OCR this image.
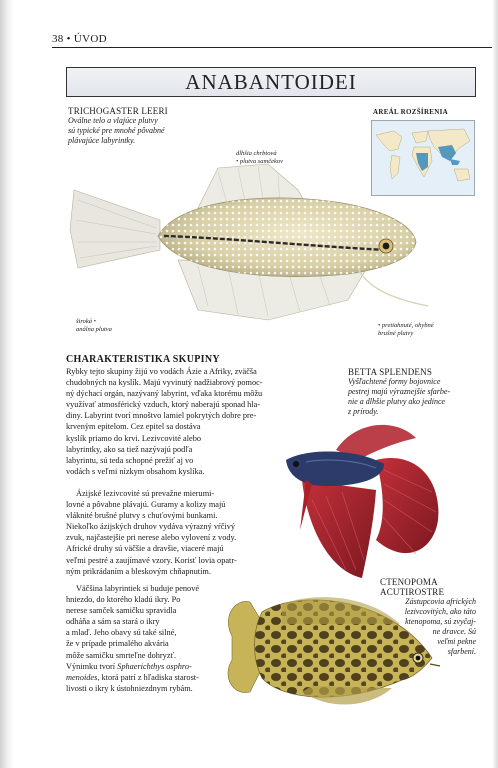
38 • ÚVOD
ANABANTOIDEI
TRICHOGASTER LEERI
Oválne telo a vlajúce plutvy
sú typické pre mnohé pôvabné
plávajúce labyrintky.
AREÁL ROZŠÍRENIA
dlhšia chrbtová
• plutva samčekov
široká •
análna plutva	• pretiahnuté, ohybné
brušné plutvy
CHARAKTERISTIKA SKUPINY

Rybky tejto skupiny žijú vo vodách Ázie a Afriky, zväčša
chudobných na kyslík. Majú vyvinutý nadžiabrový pomoc-
ný dýchací orgán, nazývaný labyrint, vďaka ktorému môžu
využívať atmosférický vzduch, ktorý naberajú sponad hla-
diny. Labyrint tvorí mnoštvo lamiel pokrytých dobre pre-
krvenÿm epitelom. Cez epitel sa dostáva
kyslík priamo do krvi. Lezivcovité alebo
labyrintky, ako sa tiež nazývajú podľa
labyrintu, sú teda schopné prežiť aj vo
vodách s veľmi nízkym obsahom kyslíka.

Ázijské lezivcovité sú prevažne mierumi-
lovné a pôvabne plávajú. Guramy a kolizy majú
vláknité brušné plutvy s chuťovými bunkami.
Niekoľko ázijských druhov vydáva výrazný vŕčivý
zvuk, najčastejšie pri nerese alebo vylovení z vody.
Africké druhy sú väčšie a dravšie, viaceré majú
veľmi pestré a zaujímavé vzory. Korisť lovia opatr-
ným prikrádaním a bleskovým chňapnutím.

Väčšina labyrintiek si buduje penové
hniezdo, do ktorého kladú ikry. Po
nerese samček samičku spravidla
odháňa a sám sa stará o ikry
a mlaď. Jeho obavy sú také silné,
že v prípade primalého akvária
môže samičku smrteľne dohryzť.
Výnimku tvorí Sphaerichthys osphro-
menoides, ktorá patrí z hľadiska starost-
livosti o ikry k ústohniezdnym rybám.

BETTA SPLENDENS
Vyšľachtené formy bojovnice
pestrej majú výraznejšie sfarbe-
nie a dlhšie plutvy ako jedince
z prírody.
CTENOPOMA
ACUTIROSTRE
Zástupcovia afrických
lezivcovitých, ako táto
ktenopoma, sú zvyčaj-
ne dravce. Sú
veľmi pekne
sfarbení.
